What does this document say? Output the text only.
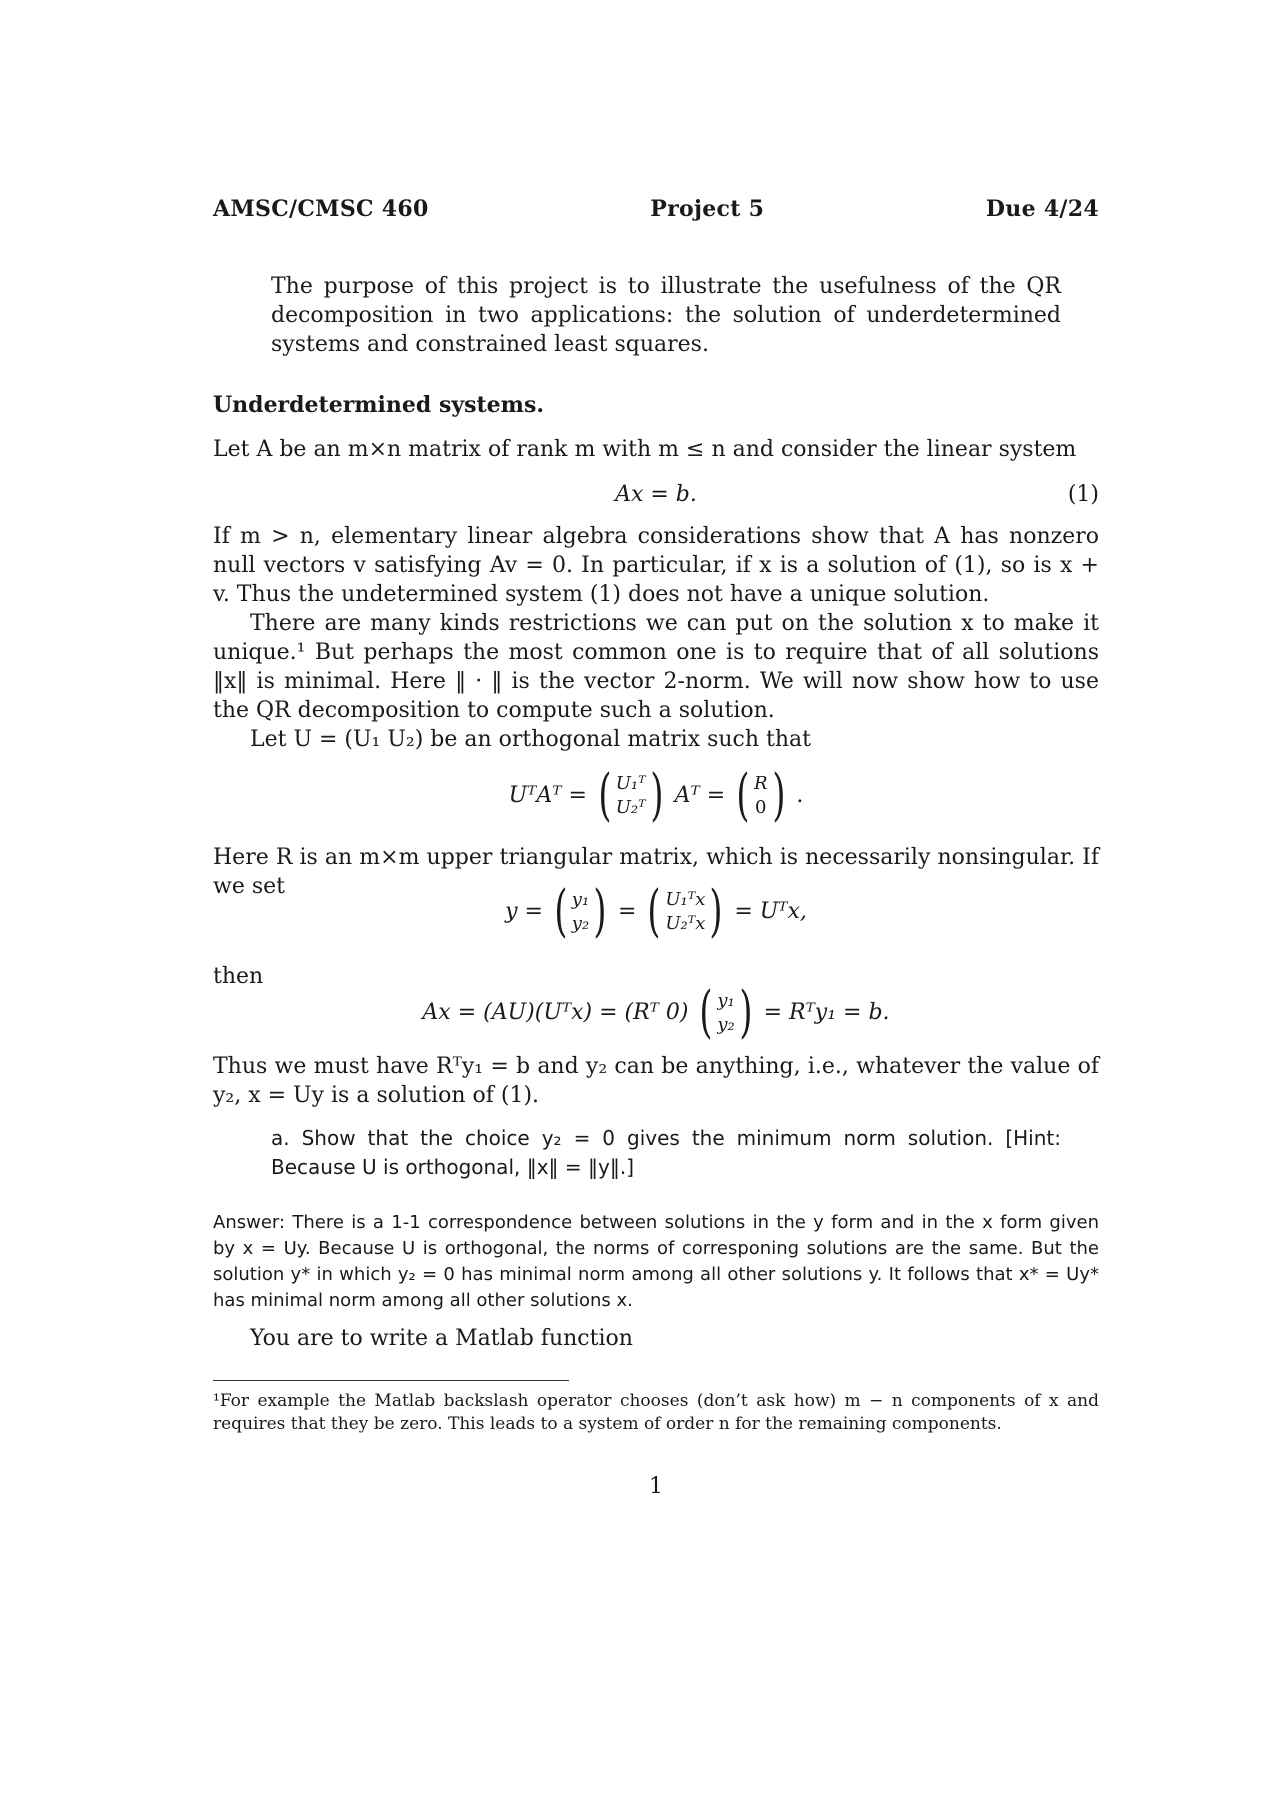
AMSC/CMSC 460	Project 5	Due 4/24
The purpose of this project is to illustrate the usefulness of the QR decomposition in two applications: the solution of underdetermined systems and constrained least squares.
Underdetermined systems.
Let A be an m×n matrix of rank m with m ≤ n and consider the linear system
Ax = b.	(1)
If m > n, elementary linear algebra considerations show that A has nonzero null vectors v satisfying Av = 0. In particular, if x is a solution of (1), so is x + v. Thus the undetermined system (1) does not have a unique solution.
There are many kinds restrictions we can put on the solution x to make it unique.¹ But perhaps the most common one is to require that of all solutions ‖x‖ is minimal. Here ‖ · ‖ is the vector 2-norm. We will now show how to use the QR decomposition to compute such a solution.
Let U = (U₁ U₂) be an orthogonal matrix such that
UᵀAᵀ = ( U₁ᵀ
U₂ᵀ ) Aᵀ = ( R
0 ) .
Here R is an m×m upper triangular matrix, which is necessarily nonsingular. If we set
y = ( y₁
y₂ ) = ( U₁ᵀx
U₂ᵀx ) = Uᵀx,
then
Ax = (AU)(Uᵀx) = (Rᵀ 0) ( y₁
y₂ ) = Rᵀy₁ = b.
Thus we must have Rᵀy₁ = b and y₂ can be anything, i.e., whatever the value of y₂, x = Uy is a solution of (1).
a. Show that the choice y₂ = 0 gives the minimum norm solution. [Hint: Because U is orthogonal, ‖x‖ = ‖y‖.]
Answer: There is a 1-1 correspondence between solutions in the y form and in the x form given by x = Uy. Because U is orthogonal, the norms of corresponing solutions are the same. But the solution y* in which y₂ = 0 has minimal norm among all other solutions y. It follows that x* = Uy* has minimal norm among all other solutions x.
You are to write a Matlab function
¹For example the Matlab backslash operator chooses (don’t ask how) m − n components of x and requires that they be zero. This leads to a system of order n for the remaining components.
1
